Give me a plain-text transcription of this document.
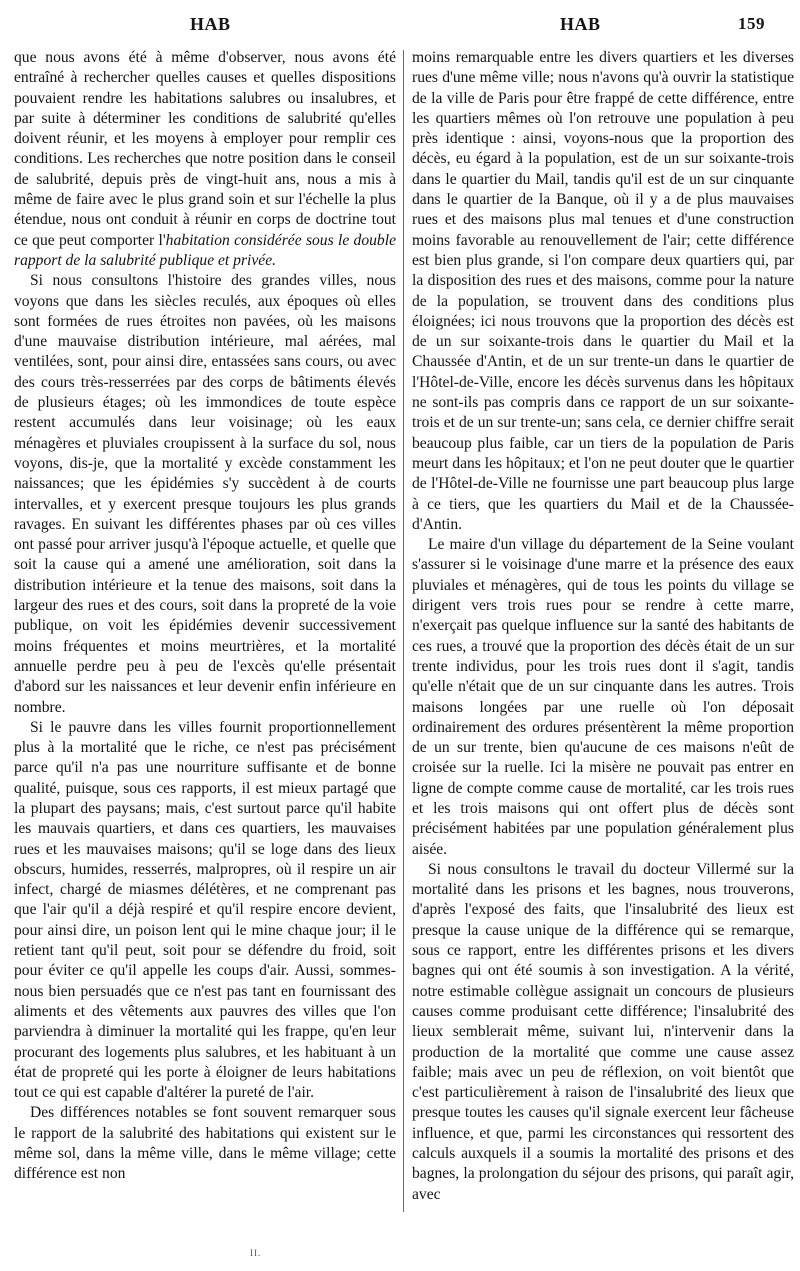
HAB	HAB	159

que nous avons été à même d'observer, nous avons été entraîné à rechercher quelles causes et quelles dispositions pouvaient rendre les habitations salubres ou insalubres, et par suite à déterminer les conditions de salubrité qu'elles doivent réunir, et les moyens à employer pour remplir ces conditions. Les recherches que notre position dans le conseil de salubrité, depuis près de vingt-huit ans, nous a mis à même de faire avec le plus grand soin et sur l'échelle la plus étendue, nous ont conduit à réunir en corps de doctrine tout ce que peut comporter l'habitation considérée sous le double rapport de la salubrité publique et privée.

Si nous consultons l'histoire des grandes villes, nous voyons que dans les siècles reculés, aux époques où elles sont formées de rues étroites non pavées, où les maisons d'une mauvaise distribution intérieure, mal aérées, mal ventilées, sont, pour ainsi dire, entassées sans cours, ou avec des cours très-resserrées par des corps de bâtiments élevés de plusieurs étages; où les immondices de toute espèce restent accumulés dans leur voisinage; où les eaux ménagères et pluviales croupissent à la surface du sol, nous voyons, dis-je, que la mortalité y excède constamment les naissances; que les épidémies s'y succèdent à de courts intervalles, et y exercent presque toujours les plus grands ravages. En suivant les différentes phases par où ces villes ont passé pour arriver jusqu'à l'époque actuelle, et quelle que soit la cause qui a amené une amélioration, soit dans la distribution intérieure et la tenue des maisons, soit dans la largeur des rues et des cours, soit dans la propreté de la voie publique, on voit les épidémies devenir successivement moins fréquentes et moins meurtrières, et la mortalité annuelle perdre peu à peu de l'excès qu'elle présentait d'abord sur les naissances et leur devenir enfin inférieure en nombre.

Si le pauvre dans les villes fournit proportionnellement plus à la mortalité que le riche, ce n'est pas précisément parce qu'il n'a pas une nourriture suffisante et de bonne qualité, puisque, sous ces rapports, il est mieux partagé que la plupart des paysans; mais, c'est surtout parce qu'il habite les mauvais quartiers, et dans ces quartiers, les mauvaises rues et les mauvaises maisons; qu'il se loge dans des lieux obscurs, humides, resserrés, malpropres, où il respire un air infect, chargé de miasmes délétères, et ne comprenant pas que l'air qu'il a déjà respiré et qu'il respire encore devient, pour ainsi dire, un poison lent qui le mine chaque jour; il le retient tant qu'il peut, soit pour se défendre du froid, soit pour éviter ce qu'il appelle les coups d'air. Aussi, sommes-nous bien persuadés que ce n'est pas tant en fournissant des aliments et des vêtements aux pauvres des villes que l'on parviendra à diminuer la mortalité qui les frappe, qu'en leur procurant des logements plus salubres, et les habituant à un état de propreté qui les porte à éloigner de leurs habitations tout ce qui est capable d'altérer la pureté de l'air.

Des différences notables se font souvent remarquer sous le rapport de la salubrité des habitations qui existent sur le même sol, dans la même ville, dans le même village; cette différence est non

moins remarquable entre les divers quartiers et les diverses rues d'une même ville; nous n'avons qu'à ouvrir la statistique de la ville de Paris pour être frappé de cette différence, entre les quartiers mêmes où l'on retrouve une population à peu près identique : ainsi, voyons-nous que la proportion des décès, eu égard à la population, est de un sur soixante-trois dans le quartier du Mail, tandis qu'il est de un sur cinquante dans le quartier de la Banque, où il y a de plus mauvaises rues et des maisons plus mal tenues et d'une construction moins favorable au renouvellement de l'air; cette différence est bien plus grande, si l'on compare deux quartiers qui, par la disposition des rues et des maisons, comme pour la nature de la population, se trouvent dans des conditions plus éloignées; ici nous trouvons que la proportion des décès est de un sur soixante-trois dans le quartier du Mail et la Chaussée d'Antin, et de un sur trente-un dans le quartier de l'Hôtel-de-Ville, encore les décès survenus dans les hôpitaux ne sont-ils pas compris dans ce rapport de un sur soixante-trois et de un sur trente-un; sans cela, ce dernier chiffre serait beaucoup plus faible, car un tiers de la population de Paris meurt dans les hôpitaux; et l'on ne peut douter que le quartier de l'Hôtel-de-Ville ne fournisse une part beaucoup plus large à ce tiers, que les quartiers du Mail et de la Chaussée-d'Antin.

Le maire d'un village du département de la Seine voulant s'assurer si le voisinage d'une marre et la présence des eaux pluviales et ménagères, qui de tous les points du village se dirigent vers trois rues pour se rendre à cette marre, n'exerçait pas quelque influence sur la santé des habitants de ces rues, a trouvé que la proportion des décès était de un sur trente individus, pour les trois rues dont il s'agit, tandis qu'elle n'était que de un sur cinquante dans les autres. Trois maisons longées par une ruelle où l'on déposait ordinairement des ordures présentèrent la même proportion de un sur trente, bien qu'aucune de ces maisons n'eût de croisée sur la ruelle. Ici la misère ne pouvait pas entrer en ligne de compte comme cause de mortalité, car les trois rues et les trois maisons qui ont offert plus de décès sont précisément habitées par une population généralement plus aisée.

Si nous consultons le travail du docteur Villermé sur la mortalité dans les prisons et les bagnes, nous trouverons, d'après l'exposé des faits, que l'insalubrité des lieux est presque la cause unique de la différence qui se remarque, sous ce rapport, entre les différentes prisons et les divers bagnes qui ont été soumis à son investigation. A la vérité, notre estimable collègue assignait un concours de plusieurs causes comme produisant cette différence; l'insalubrité des lieux semblerait même, suivant lui, n'intervenir dans la production de la mortalité que comme une cause assez faible; mais avec un peu de réflexion, on voit bientôt que c'est particulièrement à raison de l'insalubrité des lieux que presque toutes les causes qu'il signale exercent leur fâcheuse influence, et que, parmi les circonstances qui ressortent des calculs auxquels il a soumis la mortalité des prisons et des bagnes, la prolongation du séjour des prisons, qui paraît agir, avec

II.
